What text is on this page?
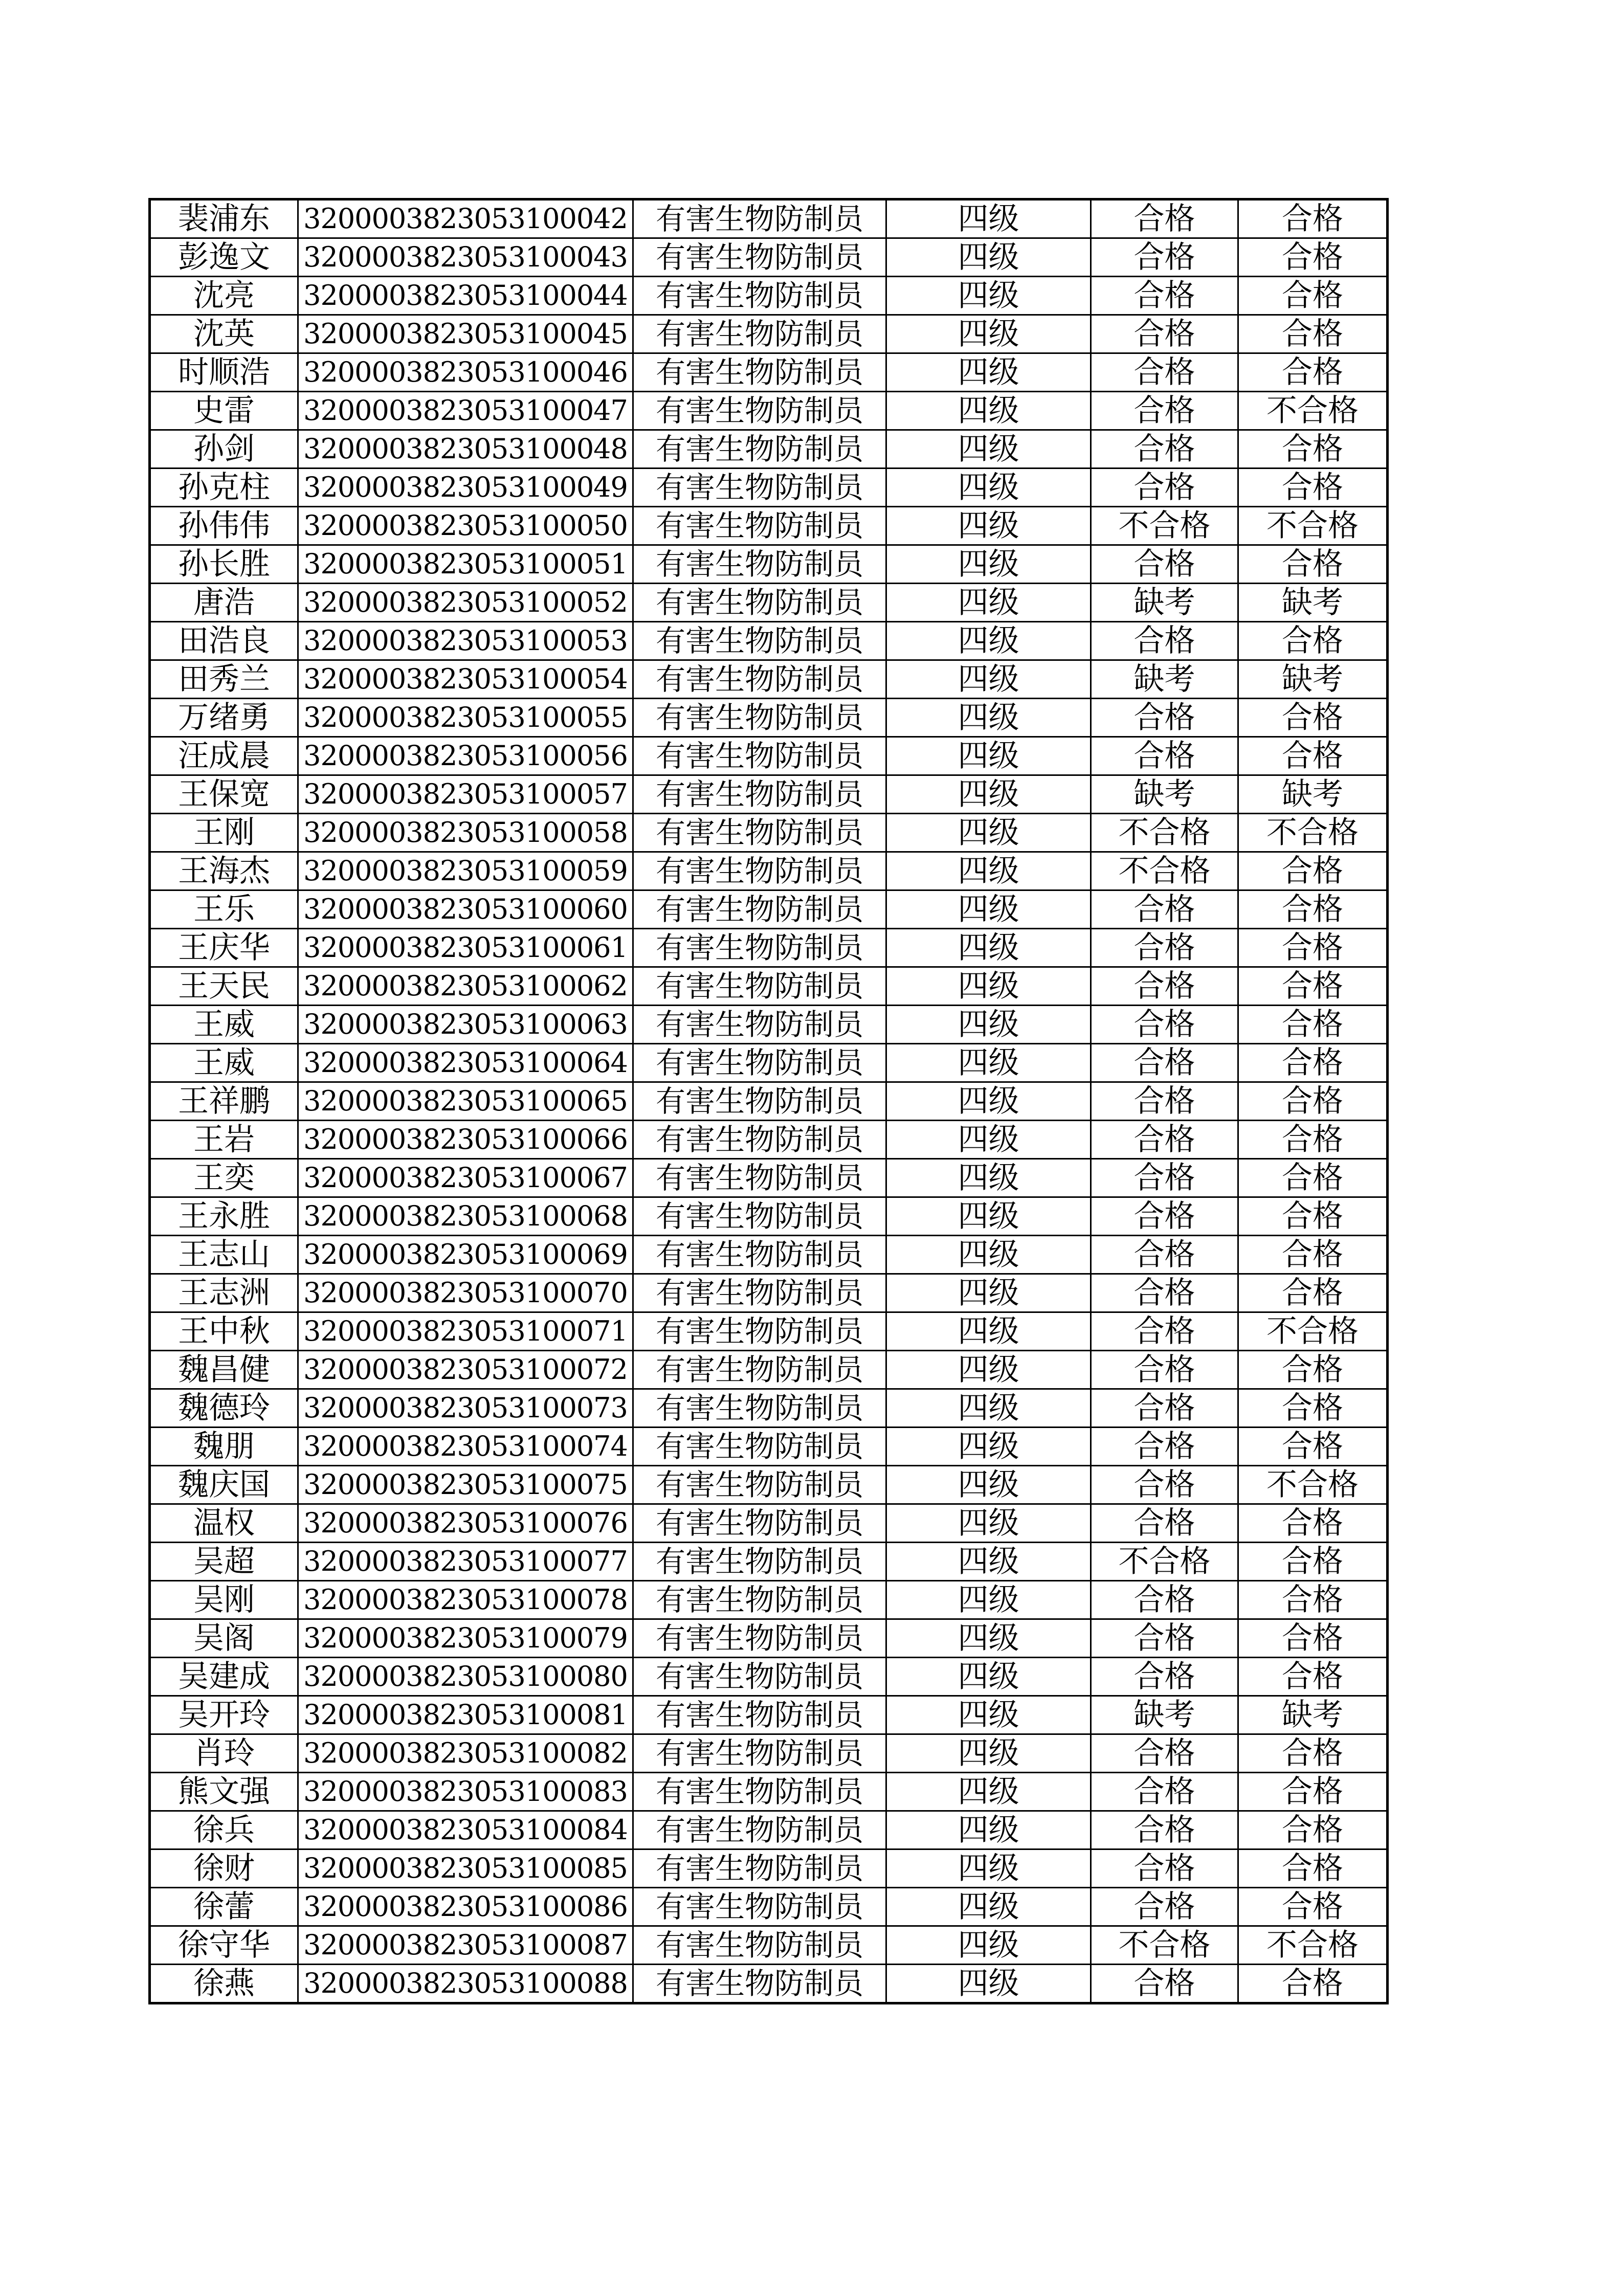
裴浦东	3200003823053100042	有害生物防制员	四级	合格	合格
彭逸文	3200003823053100043	有害生物防制员	四级	合格	合格
沈亮	3200003823053100044	有害生物防制员	四级	合格	合格
沈英	3200003823053100045	有害生物防制员	四级	合格	合格
时顺浩	3200003823053100046	有害生物防制员	四级	合格	合格
史雷	3200003823053100047	有害生物防制员	四级	合格	不合格
孙剑	3200003823053100048	有害生物防制员	四级	合格	合格
孙克柱	3200003823053100049	有害生物防制员	四级	合格	合格
孙伟伟	3200003823053100050	有害生物防制员	四级	不合格	不合格
孙长胜	3200003823053100051	有害生物防制员	四级	合格	合格
唐浩	3200003823053100052	有害生物防制员	四级	缺考	缺考
田浩良	3200003823053100053	有害生物防制员	四级	合格	合格
田秀兰	3200003823053100054	有害生物防制员	四级	缺考	缺考
万绪勇	3200003823053100055	有害生物防制员	四级	合格	合格
汪成晨	3200003823053100056	有害生物防制员	四级	合格	合格
王保宽	3200003823053100057	有害生物防制员	四级	缺考	缺考
王刚	3200003823053100058	有害生物防制员	四级	不合格	不合格
王海杰	3200003823053100059	有害生物防制员	四级	不合格	合格
王乐	3200003823053100060	有害生物防制员	四级	合格	合格
王庆华	3200003823053100061	有害生物防制员	四级	合格	合格
王天民	3200003823053100062	有害生物防制员	四级	合格	合格
王威	3200003823053100063	有害生物防制员	四级	合格	合格
王威	3200003823053100064	有害生物防制员	四级	合格	合格
王祥鹏	3200003823053100065	有害生物防制员	四级	合格	合格
王岩	3200003823053100066	有害生物防制员	四级	合格	合格
王奕	3200003823053100067	有害生物防制员	四级	合格	合格
王永胜	3200003823053100068	有害生物防制员	四级	合格	合格
王志山	3200003823053100069	有害生物防制员	四级	合格	合格
王志洲	3200003823053100070	有害生物防制员	四级	合格	合格
王中秋	3200003823053100071	有害生物防制员	四级	合格	不合格
魏昌健	3200003823053100072	有害生物防制员	四级	合格	合格
魏德玲	3200003823053100073	有害生物防制员	四级	合格	合格
魏朋	3200003823053100074	有害生物防制员	四级	合格	合格
魏庆国	3200003823053100075	有害生物防制员	四级	合格	不合格
温权	3200003823053100076	有害生物防制员	四级	合格	合格
吴超	3200003823053100077	有害生物防制员	四级	不合格	合格
吴刚	3200003823053100078	有害生物防制员	四级	合格	合格
吴阁	3200003823053100079	有害生物防制员	四级	合格	合格
吴建成	3200003823053100080	有害生物防制员	四级	合格	合格
吴开玲	3200003823053100081	有害生物防制员	四级	缺考	缺考
肖玲	3200003823053100082	有害生物防制员	四级	合格	合格
熊文强	3200003823053100083	有害生物防制员	四级	合格	合格
徐兵	3200003823053100084	有害生物防制员	四级	合格	合格
徐财	3200003823053100085	有害生物防制员	四级	合格	合格
徐蕾	3200003823053100086	有害生物防制员	四级	合格	合格
徐守华	3200003823053100087	有害生物防制员	四级	不合格	不合格
徐燕	3200003823053100088	有害生物防制员	四级	合格	合格
